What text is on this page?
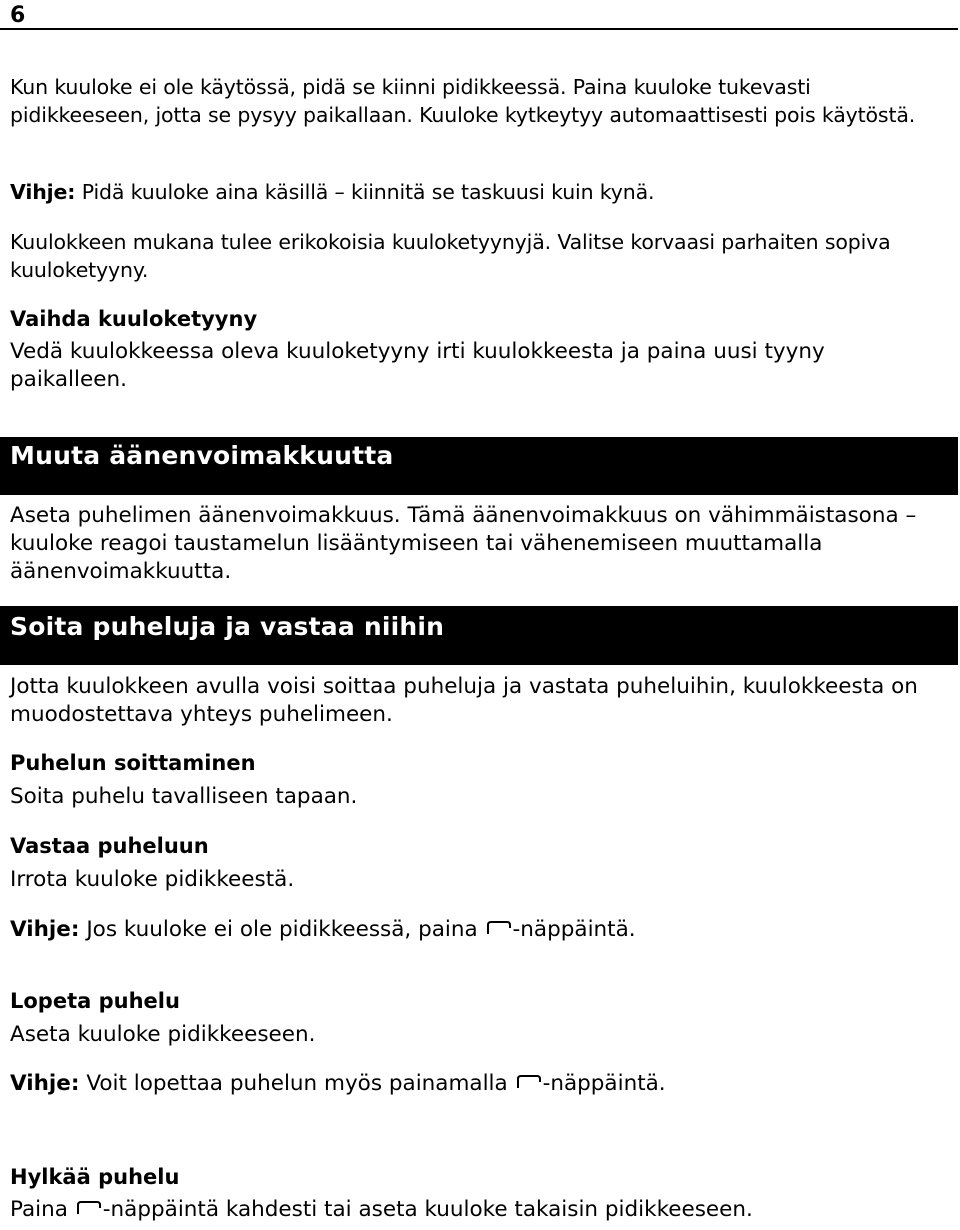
6
Kun kuuloke ei ole käytössä, pidä se kiinni pidikkeessä. Paina kuuloke tukevasti pidikkeeseen, jotta se pysyy paikallaan. Kuuloke kytkeytyy automaattisesti pois käytöstä.
Vihje: Pidä kuuloke aina käsillä – kiinnitä se taskuusi kuin kynä.
Kuulokkeen mukana tulee erikokoisia kuuloketyynyjä. Valitse korvaasi parhaiten sopiva kuuloketyyny.
Vaihda kuuloketyyny
Vedä kuulokkeessa oleva kuuloketyyny irti kuulokkeesta ja paina uusi tyyny paikalleen.
Muuta äänenvoimakkuutta
Aseta puhelimen äänenvoimakkuus. Tämä äänenvoimakkuus on vähimmäistasona – kuuloke reagoi taustamelun lisääntymiseen tai vähenemiseen muuttamalla äänenvoimakkuutta.
Soita puheluja ja vastaa niihin
Jotta kuulokkeen avulla voisi soittaa puheluja ja vastata puheluihin, kuulokkeesta on muodostettava yhteys puhelimeen.
Puhelun soittaminen
Soita puhelu tavalliseen tapaan.
Vastaa puheluun
Irrota kuuloke pidikkeestä.
Vihje: Jos kuuloke ei ole pidikkeessä, paina -näppäintä.
Lopeta puhelu
Aseta kuuloke pidikkeeseen.
Vihje: Voit lopettaa puhelun myös painamalla -näppäintä.
Hylkää puhelu
Paina -näppäintä kahdesti tai aseta kuuloke takaisin pidikkeeseen.
